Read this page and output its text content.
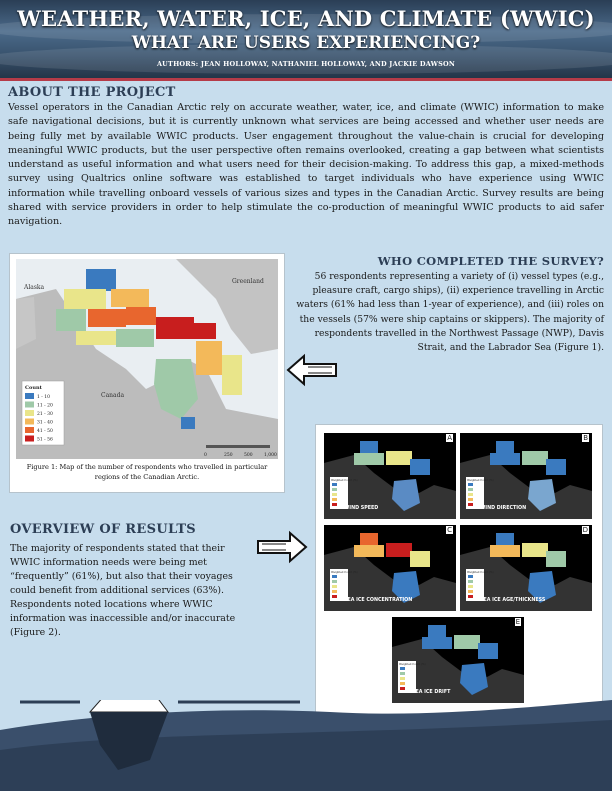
WEATHER, WATER, ICE, AND CLIMATE (WWIC)
WHAT ARE USERS EXPERIENCING?
AUTHORS: JEAN HOLLOWAY, NATHANIEL HOLLOWAY, AND JACKIE DAWSON
ABOUT THE PROJECT
Vessel operators in the Canadian Arctic rely on accurate weather, water, ice, and climate (WWIC) information to make safe navigational decisions, but it is currently unknown what services are being accessed and whether user needs are being fully met by available WWIC products. User engagement throughout the value-chain is crucial for developing meaningful WWIC products, but the user perspective often remains overlooked, creating a gap between what scientists understand as useful information and what users need for their decision-making. To address this gap, a mixed-methods survey using Qualtrics online software was established to target individuals who have experience using WWIC information while travelling onboard vessels of various sizes and types in the Canadian Arctic. Survey results are being shared with service providers in order to help stimulate the co-production of meaningful WWIC products to aid safer navigation.
Alaska
Greenland
Canada
Count
1 - 10
11 - 20
21 - 30
31 - 40
41 - 50
51 - 56
0	250	500	1,000
Figure 1: Map of the number of respondents who travelled in particular regions of the Canadian Arctic.
WHO COMPLETED THE SURVEY?
56 respondents representing a variety of (i) vessel types (e.g., pleasure craft, cargo ships), (ii) experience travelling in Arctic waters (61% had less than 1-year of experience), and (iii) roles on the vessels (57% were ship captains or skippers). The majority of respondents travelled in the Northwest Passage (NWP), Davis Strait, and the Labrador Sea (Figure 1).
Weighted Count (%)
A
WIND SPEED
Weighted Count (%)
B
WIND DIRECTION
Weighted Count (%)
C
SEA ICE CONCENTRATION
Weighted Count (%)
D
SEA ICE AGE/THICKNESS
Weighted Count (%)
E
SEA ICE DRIFT
OVERVIEW OF RESULTS
The majority of respondents stated that their WWIC information needs were being met “frequently” (61%), but also that their voyages could benefit from additional services (63%). Respondents noted locations where WWIC information was inaccessible and/or inaccurate (Figure 2).
